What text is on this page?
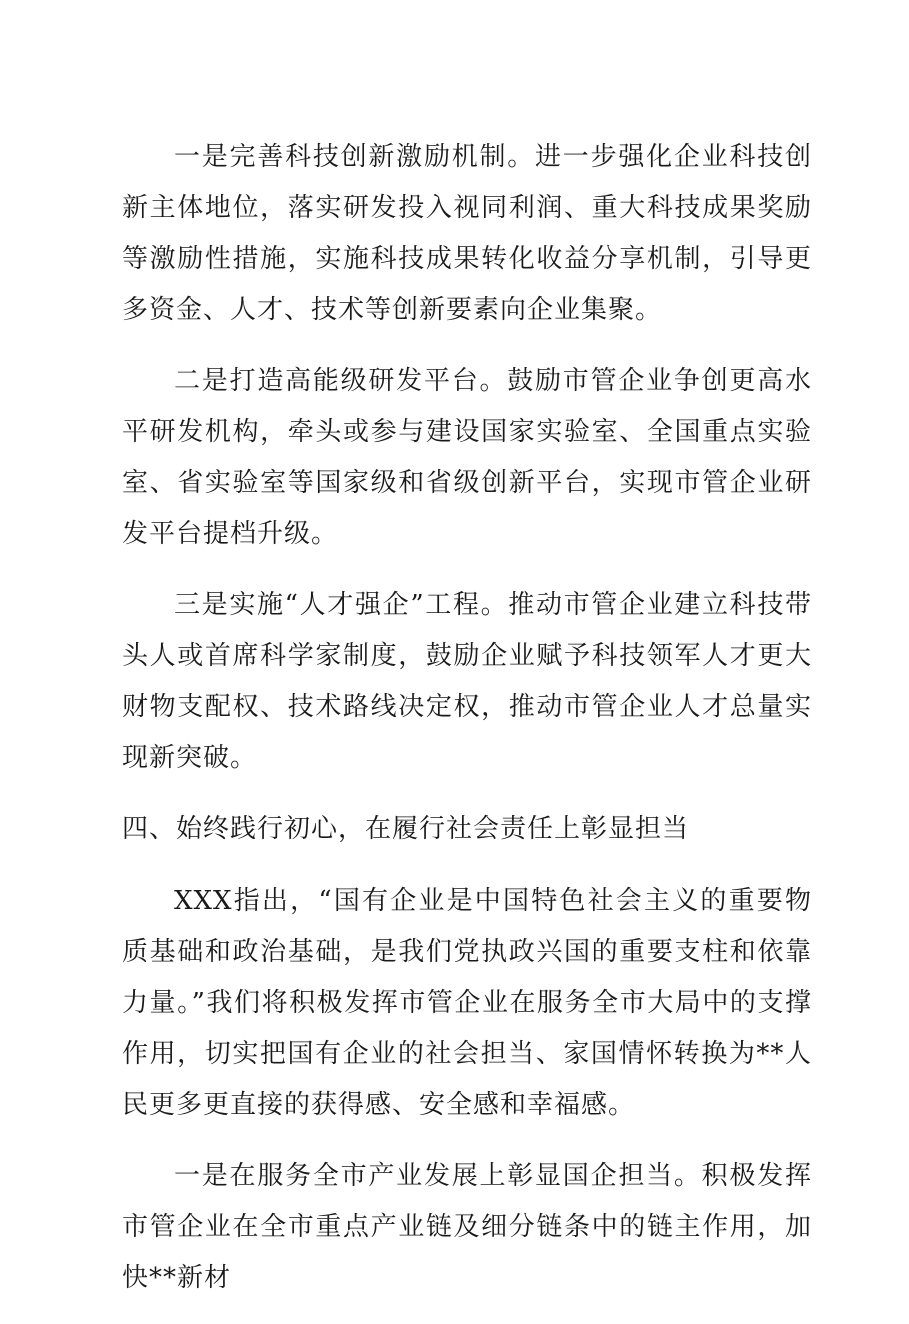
一是完善科技创新激励机制。进一步强化企业科技创新主体地位，落实研发投入视同利润、重大科技成果奖励等激励性措施，实施科技成果转化收益分享机制，引导更多资金、人才、技术等创新要素向企业集聚。

二是打造高能级研发平台。鼓励市管企业争创更高水平研发机构，牵头或参与建设国家实验室、全国重点实验室、省实验室等国家级和省级创新平台，实现市管企业研发平台提档升级。

三是实施“人才强企”工程。推动市管企业建立科技带头人或首席科学家制度，鼓励企业赋予科技领军人才更大财物支配权、技术路线决定权，推动市管企业人才总量实现新突破。

四、始终践行初心，在履行社会责任上彰显担当

XXX指出，“国有企业是中国特色社会主义的重要物质基础和政治基础，是我们党执政兴国的重要支柱和依靠力量。”我们将积极发挥市管企业在服务全市大局中的支撑作用，切实把国有企业的社会担当、家国情怀转换为**人民更多更直接的获得感、安全感和幸福感。

一是在服务全市产业发展上彰显国企担当。积极发挥市管企业在全市重点产业链及细分链条中的链主作用，加快**新材
